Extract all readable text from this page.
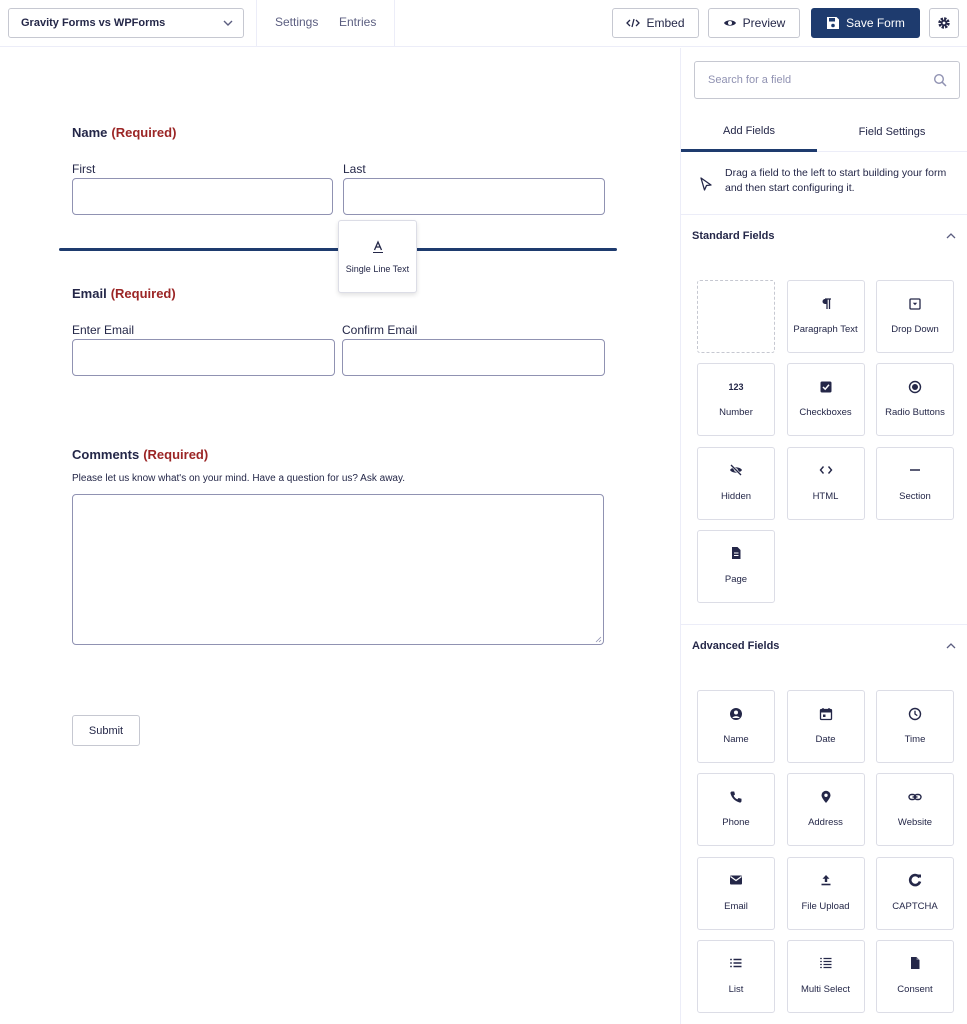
Gravity Forms vs WPForms	Settings Entries	Embed	Preview	Save Form
Name (Required)
First	Last
Single Line Text
Email (Required)
Enter Email	Confirm Email
Comments (Required)
Please let us know what's on your mind. Have a question for us? Ask away.
Submit
Search for a field
Add Fields	Field Settings

Drag a field to the left to start building your form and then start configuring it.

Standard Fields
Paragraph Text	Drop Down
123
Number	Checkboxes	Radio Buttons
Hidden	HTML	Section
Page
Advanced Fields
Name	Date	Time
Phone	Address	Website
Email	File Upload	CAPTCHA
List	Multi Select	Consent
